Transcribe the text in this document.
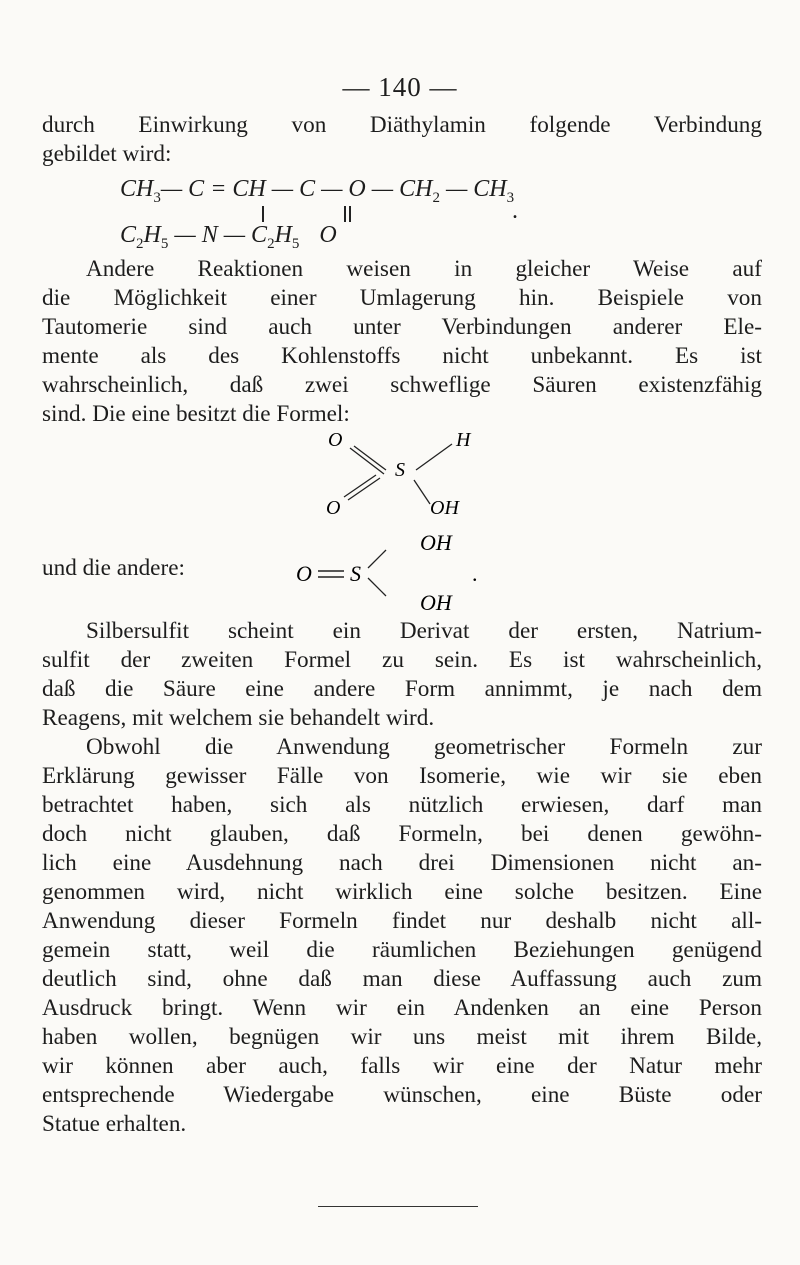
— 140 —

durch Einwirkung von Diäthylamin folgende Verbindung

gebildet wird:

$CH_3—$ C = CH — C — O — $CH_2$ — $CH_3$
.
$C_2H_5$ — N — $C_2H_5$ O

Andere Reaktionen weisen in gleicher Weise auf

die Möglichkeit einer Umlagerung hin. Beispiele von

Tautomerie sind auch unter Verbindungen anderer Ele-

mente als des Kohlenstoffs nicht unbekannt. Es ist

wahrscheinlich, daß zwei schweflige Säuren existenzfähig

sind. Die eine besitzt die Formel:

O	H
S
O	OH
und die andere:
OH
O S	.
OH

Silbersulfit scheint ein Derivat der ersten, Natrium-

sulfit der zweiten Formel zu sein. Es ist wahrscheinlich,

daß die Säure eine andere Form annimmt, je nach dem

Reagens, mit welchem sie behandelt wird.

Obwohl die Anwendung geometrischer Formeln zur

Erklärung gewisser Fälle von Isomerie, wie wir sie eben

betrachtet haben, sich als nützlich erwiesen, darf man

doch nicht glauben, daß Formeln, bei denen gewöhn-

lich eine Ausdehnung nach drei Dimensionen nicht an-

genommen wird, nicht wirklich eine solche besitzen. Eine

Anwendung dieser Formeln findet nur deshalb nicht all-

gemein statt, weil die räumlichen Beziehungen genügend

deutlich sind, ohne daß man diese Auffassung auch zum

Ausdruck bringt. Wenn wir ein Andenken an eine Person

haben wollen, begnügen wir uns meist mit ihrem Bilde,

wir können aber auch, falls wir eine der Natur mehr

entsprechende Wiedergabe wünschen, eine Büste oder

Statue erhalten.
